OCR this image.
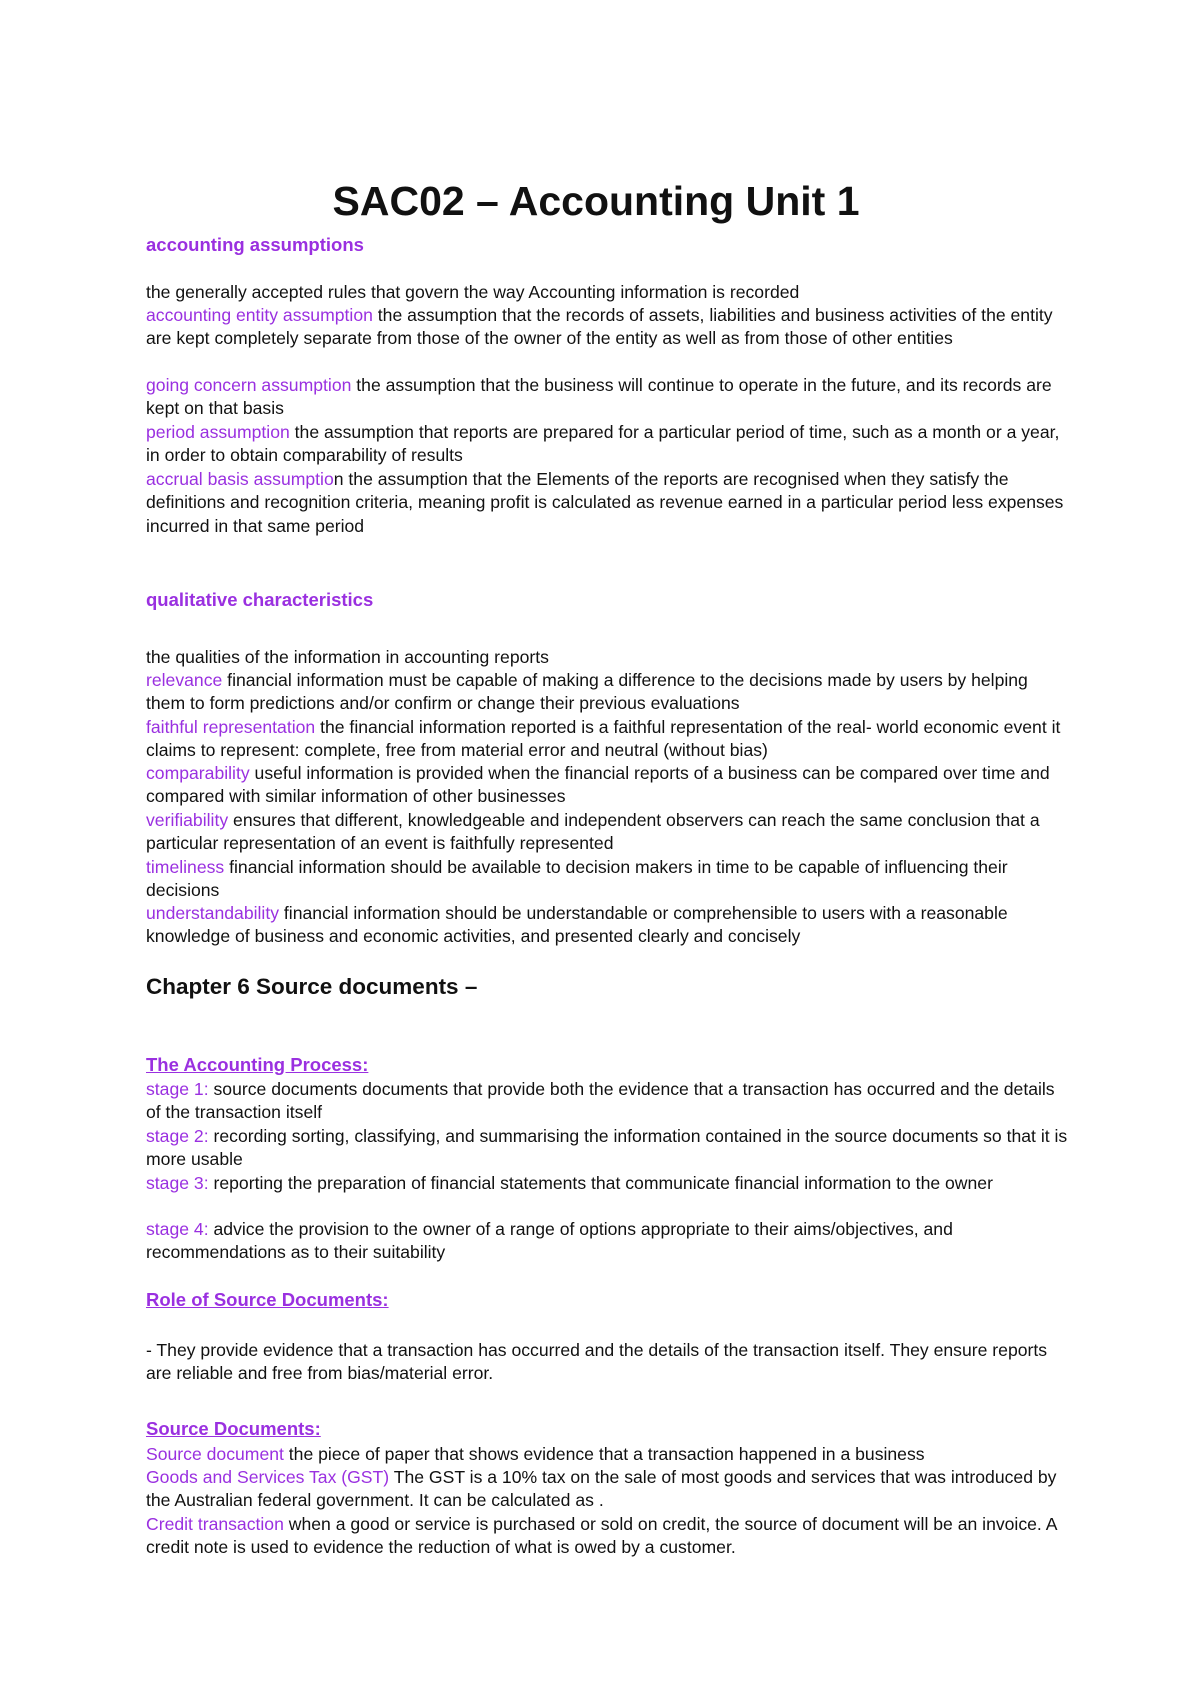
SAC02 – Accounting Unit 1
accounting assumptions

the generally accepted rules that govern the way Accounting information is recorded

accounting entity assumption the assumption that the records of assets, liabilities and business activities of the entity are kept completely separate from those of the owner of the entity as well as from those of other entities

going concern assumption the assumption that the business will continue to operate in the future, and its records are kept on that basis

period assumption the assumption that reports are prepared for a particular period of time, such as a month or a year, in order to obtain comparability of results

accrual basis assumption the assumption that the Elements of the reports are recognised when they satisfy the definitions and recognition criteria, meaning profit is calculated as revenue earned in a particular period less expenses incurred in that same period

qualitative characteristics

the qualities of the information in accounting reports

relevance financial information must be capable of making a difference to the decisions made by users by helping them to form predictions and/or confirm or change their previous evaluations

faithful representation the financial information reported is a faithful representation of the real- world economic event it claims to represent: complete, free from material error and neutral (without bias)

comparability useful information is provided when the financial reports of a business can be compared over time and compared with similar information of other businesses

verifiability ensures that different, knowledgeable and independent observers can reach the same conclusion that a particular representation of an event is faithfully represented

timeliness financial information should be available to decision makers in time to be capable of influencing their decisions

understandability financial information should be understandable or comprehensible to users with a reasonable knowledge of business and economic activities, and presented clearly and concisely

Chapter 6 Source documents –
The Accounting Process:

stage 1: source documents documents that provide both the evidence that a transaction has occurred and the details of the transaction itself

stage 2: recording sorting, classifying, and summarising the information contained in the source documents so that it is more usable

stage 3: reporting the preparation of financial statements that communicate financial information to the owner

stage 4: advice the provision to the owner of a range of options appropriate to their aims/objectives, and recommendations as to their suitability

Role of Source Documents:

- They provide evidence that a transaction has occurred and the details of the transaction itself. They ensure reports are reliable and free from bias/material error.

Source Documents:

Source document the piece of paper that shows evidence that a transaction happened in a business

Goods and Services Tax (GST) The GST is a 10% tax on the sale of most goods and services that was introduced by the Australian federal government. It can be calculated as .

Credit transaction when a good or service is purchased or sold on credit, the source of document will be an invoice. A credit note is used to evidence the reduction of what is owed by a customer.
